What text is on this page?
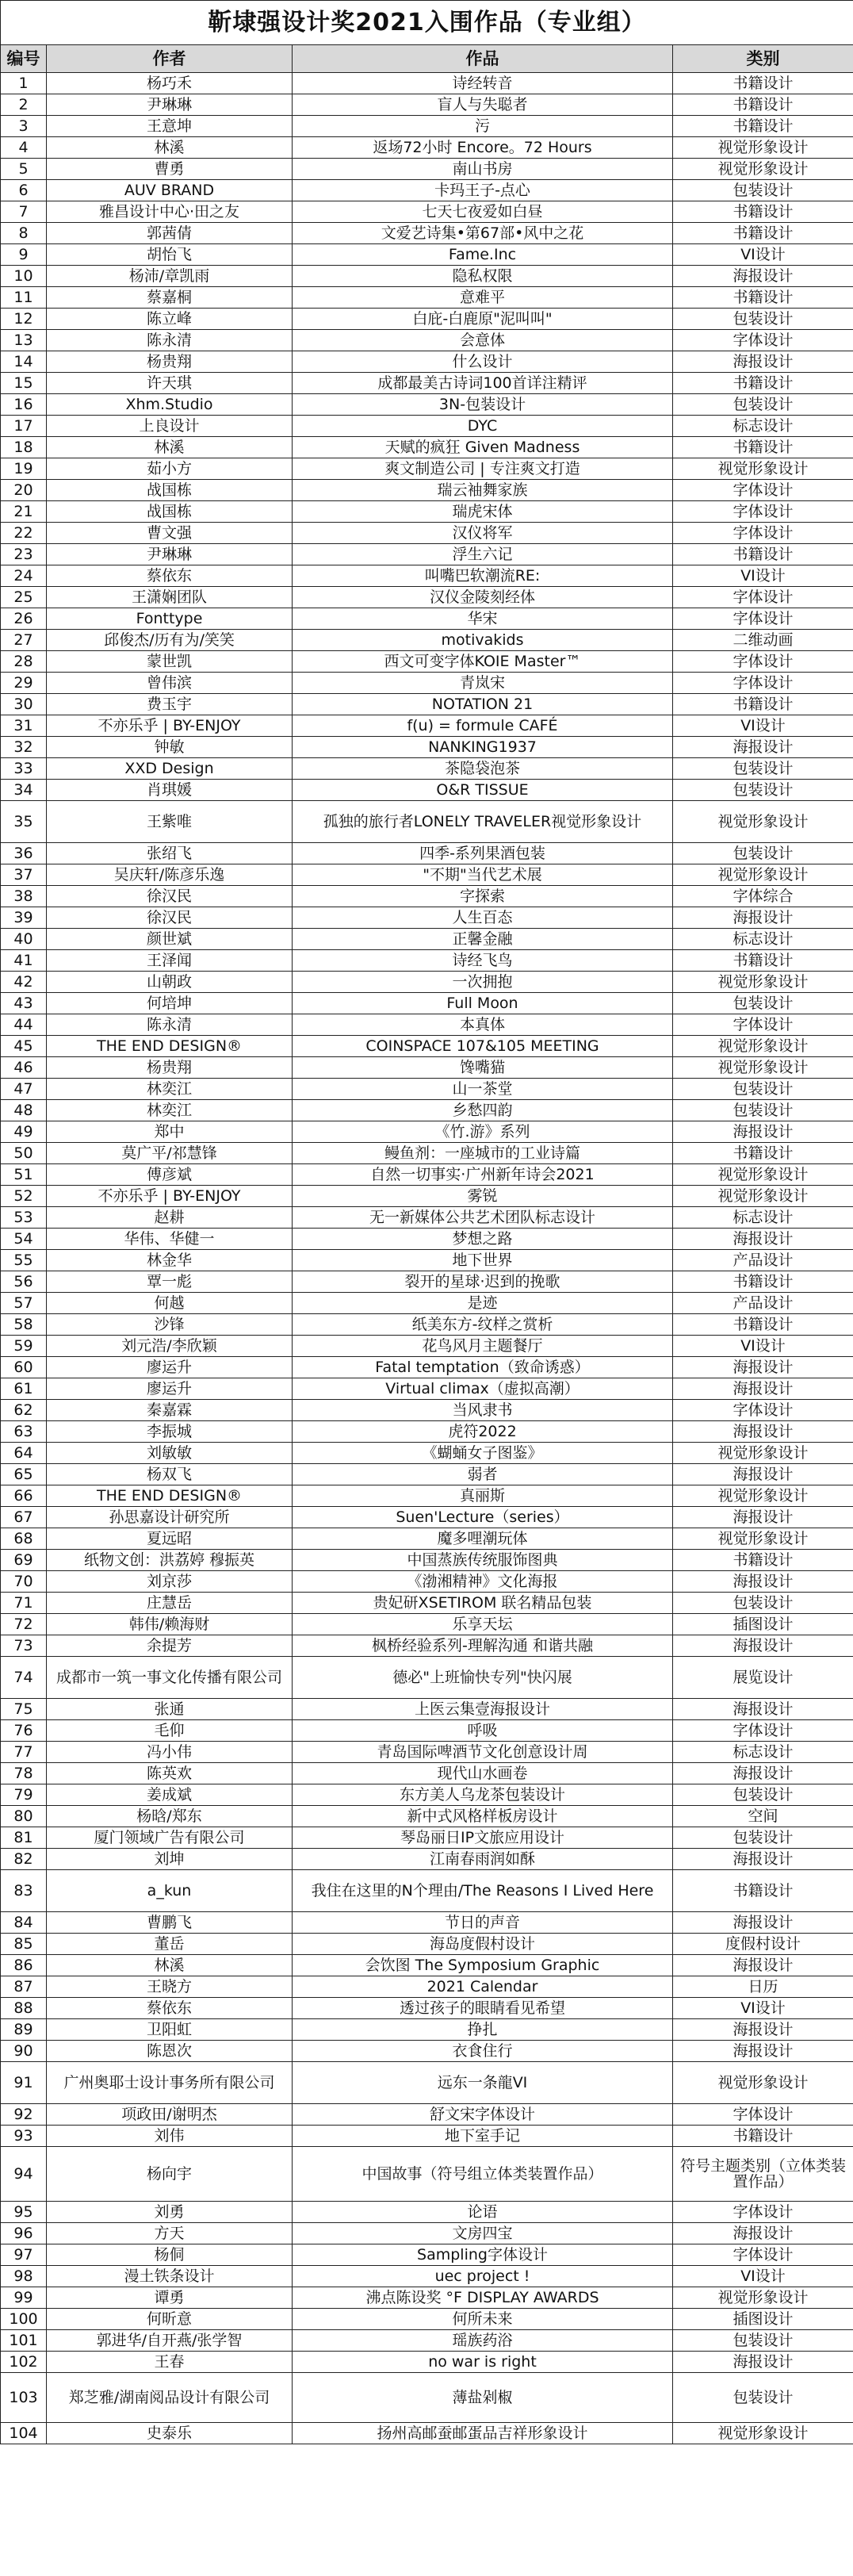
靳埭强设计奖2021入围作品（专业组）			
编号	作者	作品	类别
1	杨巧禾	诗经转音	书籍设计
2	尹琳琳	盲人与失聪者	书籍设计
3	王意坤	污	书籍设计
4	林溪	返场72小时 Encore。72 Hours	视觉形象设计
5	曹勇	南山书房	视觉形象设计
6	AUV BRAND	卡玛王子-点心	包装设计
7	雅昌设计中心·田之友	七天七夜爱如白昼	书籍设计
8	郭茜倩	文爱艺诗集•第67部•风中之花	书籍设计
9	胡怡飞	Fame.Inc	VI设计
10	杨沛/章凯雨	隐私权限	海报设计
11	蔡嘉桐	意难平	书籍设计
12	陈立峰	白庇-白鹿原"泥叫叫"	包装设计
13	陈永清	会意体	字体设计
14	杨贵翔	什么设计	海报设计
15	许天琪	成都最美古诗词100首详注精评	书籍设计
16	Xhm.Studio	3N-包装设计	包装设计
17	上良设计	DYC	标志设计
18	林溪	天赋的疯狂 Given Madness	书籍设计
19	茹小方	爽文制造公司 | 专注爽文打造	视觉形象设计
20	战国栋	瑞云袖舞家族	字体设计
21	战国栋	瑞虎宋体	字体设计
22	曹文强	汉仪将军	字体设计
23	尹琳琳	浮生六记	书籍设计
24	蔡依东	叫嘴巴软潮流RE:	VI设计
25	王潇娴团队	汉仪金陵刻经体	字体设计
26	Fonttype	华宋	字体设计
27	邱俊杰/历有为/笑笑	motivakids	二维动画
28	蒙世凯	西文可变字体KOIE Master™	字体设计
29	曾伟滨	青岚宋	字体设计
30	费玉宇	NOTATION 21	书籍设计
31	不亦乐乎 | BY-ENJOY	f(u) = formule CAFÉ	VI设计
32	钟敏	NANKING1937	海报设计
33	XXD Design	茶隐袋泡茶	包装设计
34	肖琪媛	O&R TISSUE	包装设计
35	王紫唯	孤独的旅行者LONELY TRAVELER视觉形象设计	视觉形象设计
36	张绍飞	四季-系列果酒包装	包装设计
37	吴庆轩/陈彦乐逸	"不期"当代艺术展	视觉形象设计
38	徐汉民	字探索	字体综合
39	徐汉民	人生百态	海报设计
40	颜世斌	正馨金融	标志设计
41	王泽闻	诗经飞鸟	书籍设计
42	山朝政	一次拥抱	视觉形象设计
43	何培坤	Full Moon	包装设计
44	陈永清	本真体	字体设计
45	THE END DESIGN®	COINSPACE 107&105 MEETING	视觉形象设计
46	杨贵翔	馋嘴猫	视觉形象设计
47	林奕江	山一茶堂	包装设计
48	林奕江	乡愁四韵	包装设计
49	郑中	《竹.游》系列	海报设计
50	莫广平/祁慧锋	鳗鱼剂：一座城市的工业诗篇	书籍设计
51	傅彦斌	自然一切事实·广州新年诗会2021	视觉形象设计
52	不亦乐乎 | BY-ENJOY	雾锐	视觉形象设计
53	赵耕	无一新媒体公共艺术团队标志设计	标志设计
54	华伟、华健一	梦想之路	海报设计
55	林金华	地下世界	产品设计
56	覃一彪	裂开的星球·迟到的挽歌	书籍设计
57	何越	是迹	产品设计
58	沙锋	纸美东方-纹样之赏析	书籍设计
59	刘元浩/李欣颖	花鸟风月主题餐厅	VI设计
60	廖运升	Fatal temptation（致命诱惑）	海报设计
61	廖运升	Virtual climax（虚拟高潮）	海报设计
62	秦嘉霖	当风隶书	字体设计
63	李振城	虎符2022	海报设计
64	刘敏敏	《蝴蛹女子图鉴》	视觉形象设计
65	杨双飞	弱者	海报设计
66	THE END DESIGN®	真丽斯	视觉形象设计
67	孙思嘉设计研究所	Suen'Lecture（series）	海报设计
68	夏远昭	魔多哩潮玩体	视觉形象设计
69	纸物文创：洪荔婷 穆振英	中国蒸族传统服饰图典	书籍设计
70	刘京莎	《渤湘精神》文化海报	海报设计
71	庄慧岳	贵妃研XSETIROM 联名精品包装	包装设计
72	韩伟/赖海财	乐享天坛	插图设计
73	余提芳	枫桥经验系列-理解沟通 和谐共融	海报设计
74	成都市一筑一事文化传播有限公司	德必"上班愉快专列"快闪展	展览设计
75	张通	上医云集壹海报设计	海报设计
76	毛仰	呼吸	字体设计
77	冯小伟	青岛国际啤酒节文化创意设计周	标志设计
78	陈英欢	现代山水画卷	海报设计
79	姜成斌	东方美人乌龙茶包装设计	包装设计
80	杨晗/郑东	新中式风格样板房设计	空间
81	厦门领域广告有限公司	琴岛丽日IP文旅应用设计	包装设计
82	刘坤	江南春雨润如酥	海报设计
83	a_kun	我住在这里的N个理由/The Reasons I Lived Here	书籍设计
84	曹鹏飞	节日的声音	海报设计
85	董岳	海岛度假村设计	度假村设计
86	林溪	会饮图 The Symposium Graphic	海报设计
87	王晓方	2021 Calendar	日历
88	蔡依东	透过孩子的眼睛看见希望	VI设计
89	卫阳虹	挣扎	海报设计
90	陈恩次	衣食住行	海报设计
91	广州奥耶士设计事务所有限公司	远东一条龍VI	视觉形象设计
92	项政田/谢明杰	舒文宋字体设计	字体设计
93	刘伟	地下室手记	书籍设计
94	杨向宇	中国故事（符号组立体类装置作品）	符号主题类别（立体类装置作品）
95	刘勇	论语	字体设计
96	方天	文房四宝	海报设计
97	杨侗	Sampling字体设计	字体设计
98	漫土铁条设计	uec project !	VI设计
99	谭勇	沸点陈设奖 °F DISPLAY AWARDS	视觉形象设计
100	何昕意	何所未来	插图设计
101	郭进华/自开燕/张学智	瑶族药浴	包装设计
102	王春	no war is right	海报设计
103	郑芝雅/湖南阅品设计有限公司	薄盐剁椒	包装设计
104	史泰乐	扬州高邮蚕邮蛋品吉祥形象设计	视觉形象设计
